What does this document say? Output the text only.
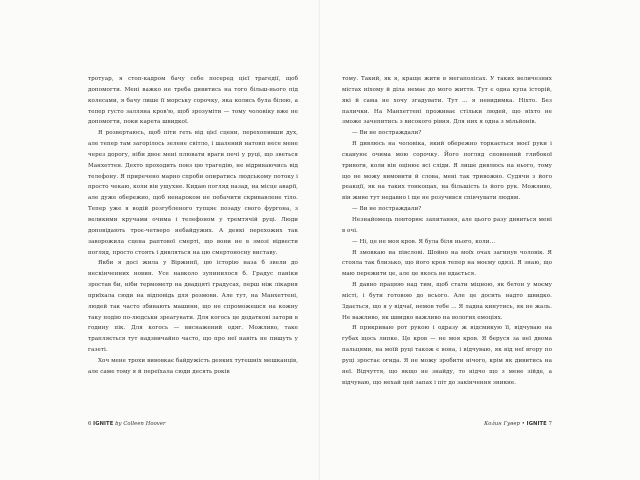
тротуар, я стоп-кадром бачу себе посеред цієї трагедії, щоб допомогти. Мені важко не треба дивитись на того більш-нього під колесами, я бачу лише її морську сорочку, яка колись була білою, а тепер густо залляна кров'ю, щоб зрозуміти — тому чоловіку вже не допомогти, поки карета швидкої.

Я розвертаюсь, щоб піти геть від цієї сцени, перехопивши дух, але тепер там загорілось зелене світло, і шалений натовп несе мене через дорогу, ніби двоє мені плювати враги печі у руці, що зветься Манхеттен. Дехто проходить повз цю трагедію, не відриваючись від телефону. Я приречено марно спроби опиратись людському потоку і просто чекаю, коли він ущухне. Кидаю погляд назад, на місце аварії, але дуже обережно, щоб ненароком не побачити скривавлене тіло. Тепер уже я водій розгубленого тупцяє позаду свого фургона, з великими кручами очима і телефоном у тремтячій руці. Люди доповідають троє-четверо небайдужих. А деякі перехожих так заворожила сцена раптової смерті, що вони не в змозі відвести погляд, просто стоять і дивляться на цю смертоносну виставу.

Якби я досі жила у Віржинії, цю історію наза б звели до нескінченних новин. Усе навколо зупинилося б. Градус паніки зростав би, ніби термометр на двадцяті градусах, перш ніж лікарня приїхала сюди на відповідь для розмови. Але тут, на Манхеттені, людей так часто збивають машини, що не спроможешся на кожну таку подію по-людськи зреагувати. Для когось це додаткові затори в годину пік. Для когось — виснажений одяг. Можливо, таке трапляється тут надзвичайно часто, що про неї навіть не пишуть у газеті.

Хоч мене трохи вивовкає байдужість деяких тутешніх мешканців, але саме тому я й переїхала сюди десять років

6 IGNITE by Colleen Hoover

тому. Такий, як я, краще жити в мегаполісах. У таких величезних містах ніхому й діла немає до мого життя. Тут є одна купа історій, які й сама не хочу згадувати. Тут ... я невидимка. Ніхто. Без палички. На Манхеттені проживає стільки людей, що ніхто не зможе зачепитись з високого рівня. Для них я одна з мільйонів.

— Ви не постраждали?

Я дивлюсь на чоловіка, який обережно торкається моєї руки і скануює очима мою сорочку. Його погляд сповнений глибокої тривоги, коли він оцінює всі сліди. Я лише дивлюсь на нього, тому що не можу вимовити й слова, мені так тривожно. Судячи з його реакції, як на таких тонкощах, на більшість із його рук. Можливо, він живе тут недавно і ще не розучився співчувати людям.

— Ви не постраждали?

Незнайомець повторює запитання, але цього разу дивиться мені в очі.

— Ні, це не моя кров. Я була біля нього, коли...

Я змовкаю на півслові. Шойно на моїх очах загинув чоловік. Я стояла так близько, що його кров тепер на моєму одязі. Я знаю, що маю пережити це, але це якось не вдається.

Я давно працюю над тим, щоб стати міцною, як бетон у моєму місті, і бути готовою до всього. Але це досить надто швидко. Здається, що я у відчаї, немов тебе ... Я ладна кинутись, як не жаль. Не важливо, як швидко важливо на вологих емоціях.

Я прикриваю рот рукою і одразу ж відсмикую її, відчуваю на губах щось липке. Це кров — не моя кров. Я беруся за неї двома пальцями, на моїй руці також є вона, і відчуваю, як від неї вгору по руці зростає огида. Я не можу зробити нічого, крім як дивитись на неї. Відчуття, що якщо не знайду, то нідчо що з мене зійде, а відчуваю, що нехай цей запах і піт до закінчення зникне.

Кол́ин Гувер • IGNITE 7
